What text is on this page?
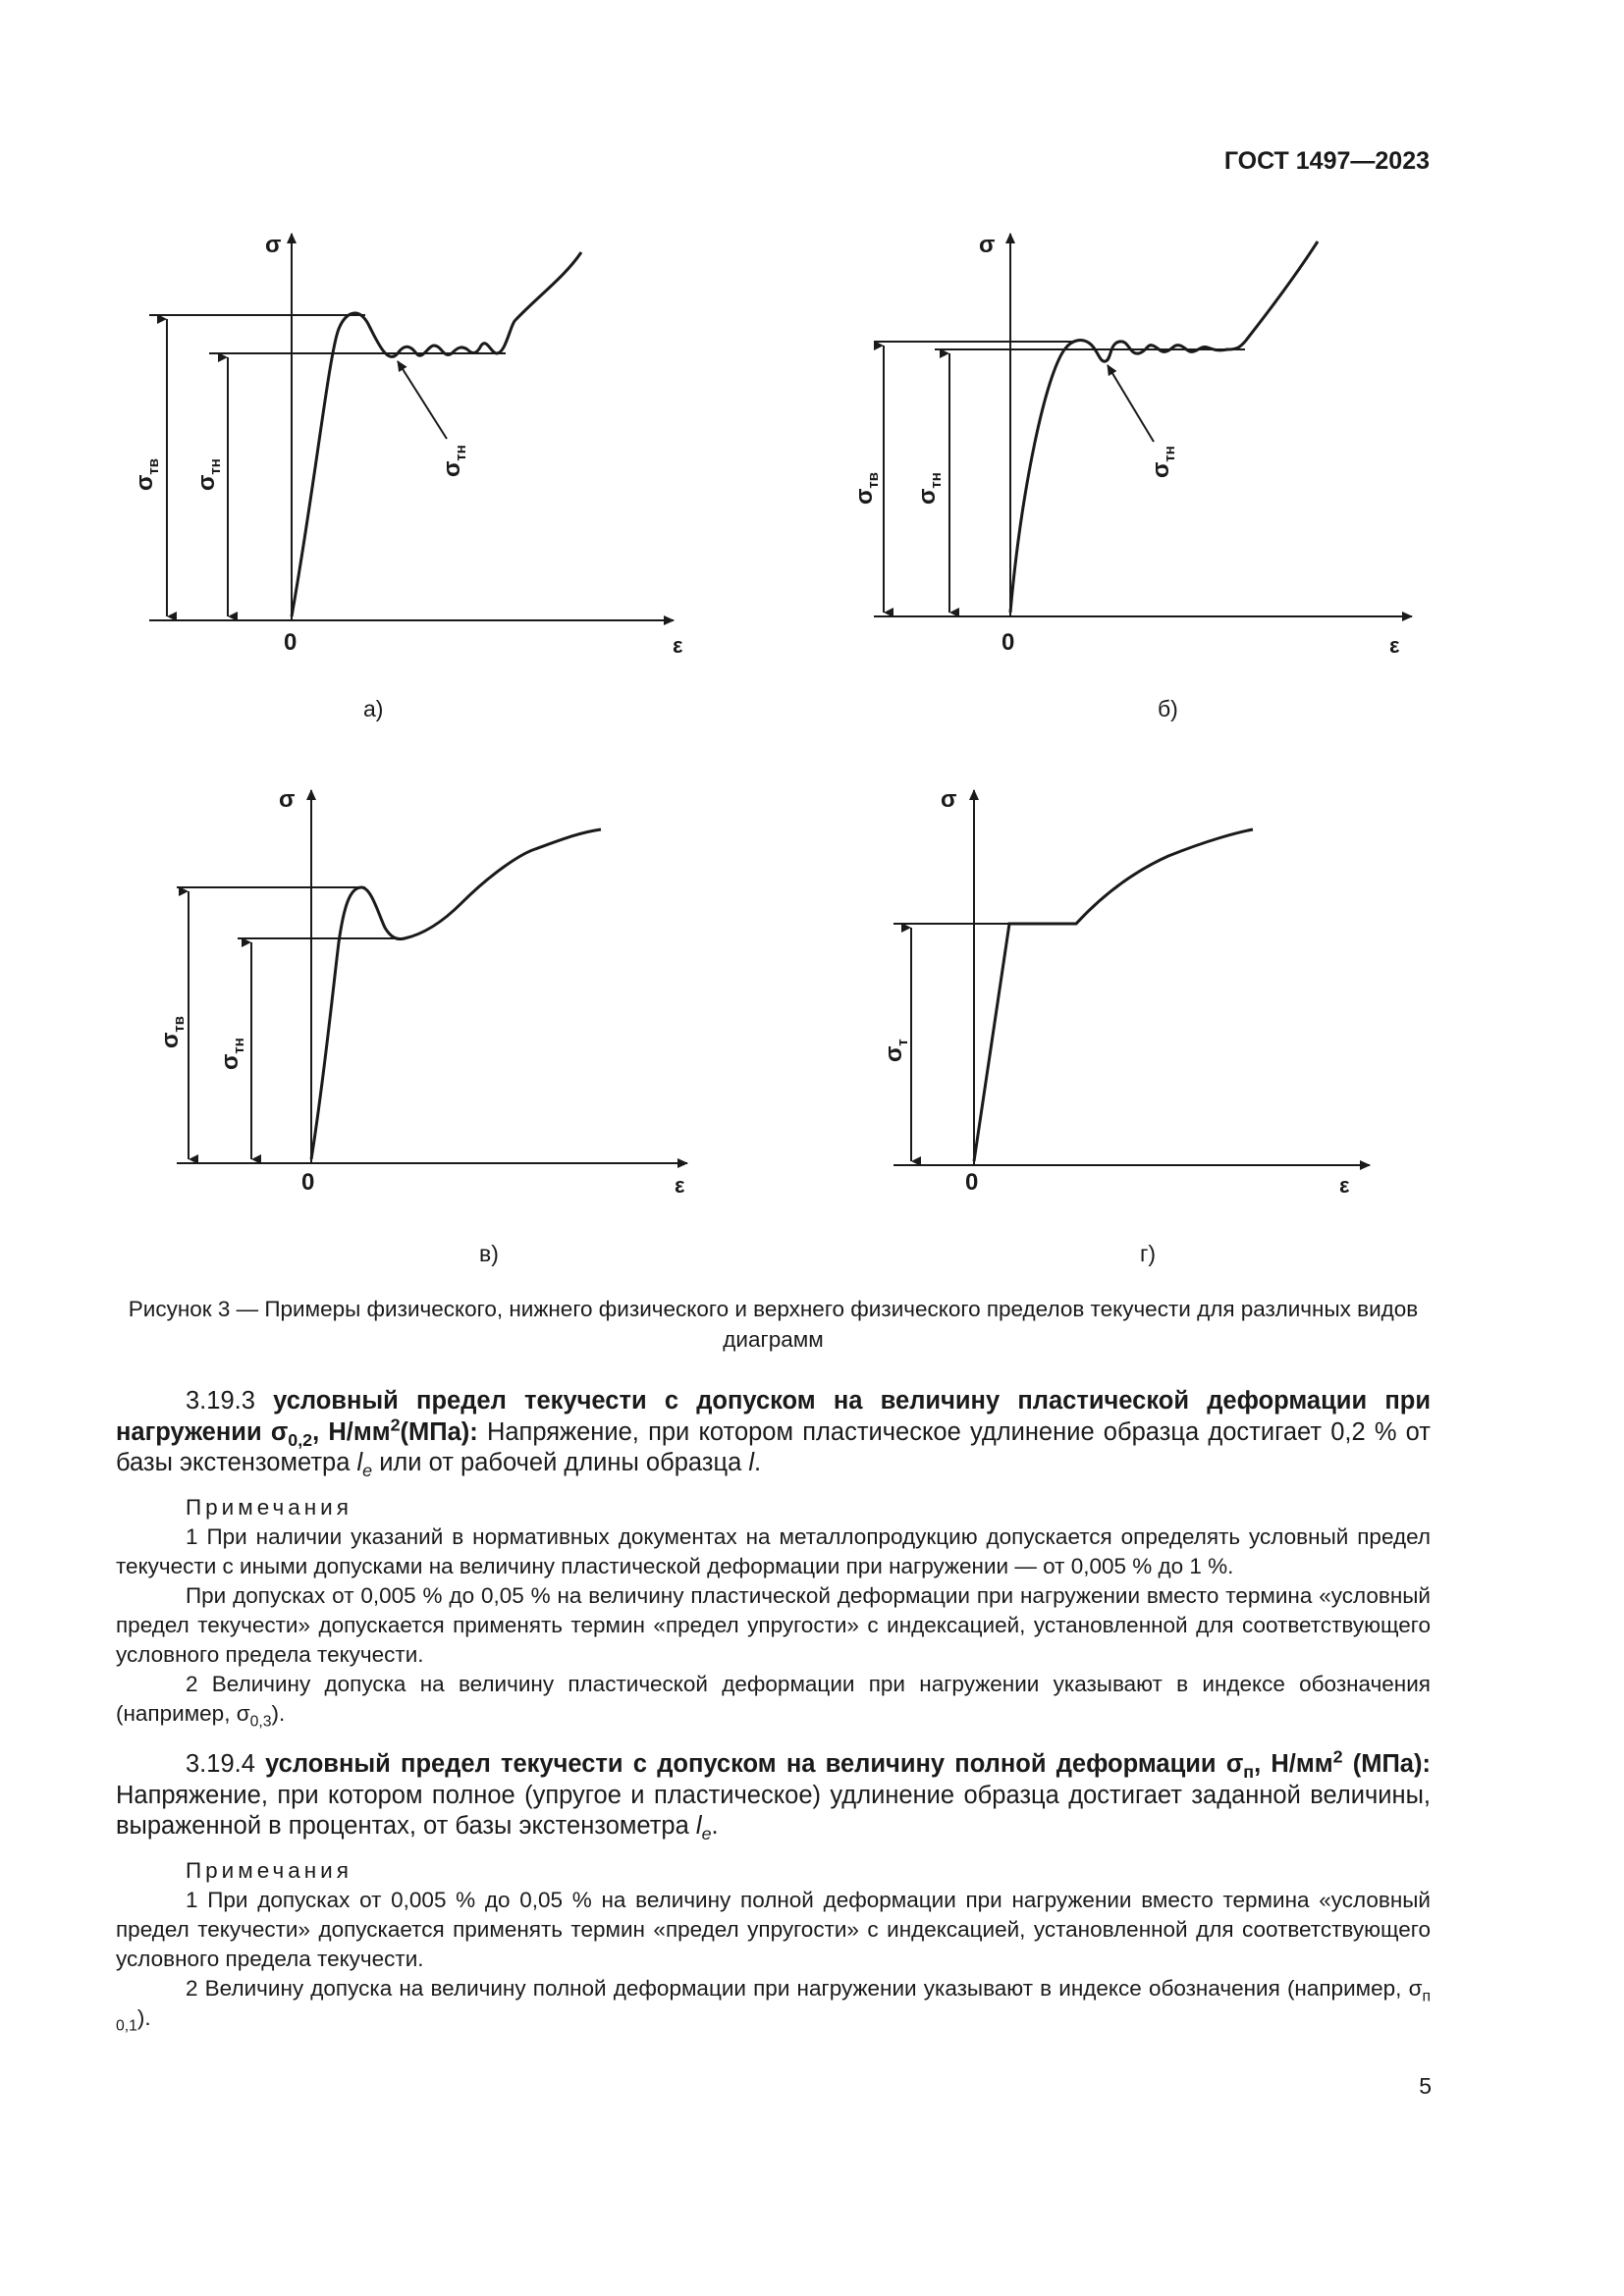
ГОСТ 1497—2023
σ
ε
0
$\sigma_{тв}$
$\sigma_{тн}$	$\sigma_{тн}$
а)
σ
ε
0
$\sigma_{тв}$
$\sigma_{тн}$
$\sigma_{тн}$
б)
σ
ε
0
$\sigma_{тв}$
$\sigma_{тн}$
в)
σ
ε
0
$\sigma_т$
г)
Рисунок 3 — Примеры физического, нижнего физического и верхнего физического пределов текучести для различных видов диаграмм

3.19.3 условный предел текучести с допуском на величину пластической деформации при нагружении $\sigma_{0,2}$, $Н/мм^2(МПа)$: Напряжение, при котором пластическое удлинение образца достигает 0,2 % от базы экстензометра $l_e$ или от рабочей длины образца l.

Примечания

1 При наличии указаний в нормативных документах на металлопродукцию допускается определять условный предел текучести с иными допусками на величину пластической деформации при нагружении — от 0,005 % до 1 %.

При допусках от 0,005 % до 0,05 % на величину пластической деформации при нагружении вместо термина «условный предел текучести» допускается применять термин «предел упругости» с индексацией, установленной для соответствующего условного предела текучести.

2 Величину допуска на величину пластической деформации при нагружении указывают в индексе обозначения (например, $\sigma_{0,3}$).

3.19.4 условный предел текучести с допуском на величину полной деформации $\sigma_п$, $Н/мм^2$ (МПа): Напряжение, при котором полное (упругое и пластическое) удлинение образца достигает заданной величины, выраженной в процентах, от базы экстензометра $l_e$.

Примечания

1 При допусках от 0,005 % до 0,05 % на величину полной деформации при нагружении вместо термина «условный предел текучести» допускается применять термин «предел упругости» с индексацией, установленной для соответствующего условного предела текучести.

2 Величину допуска на величину полной деформации при нагружении указывают в индексе обозначения (например, $\sigma_{п 0,1}$).

5
